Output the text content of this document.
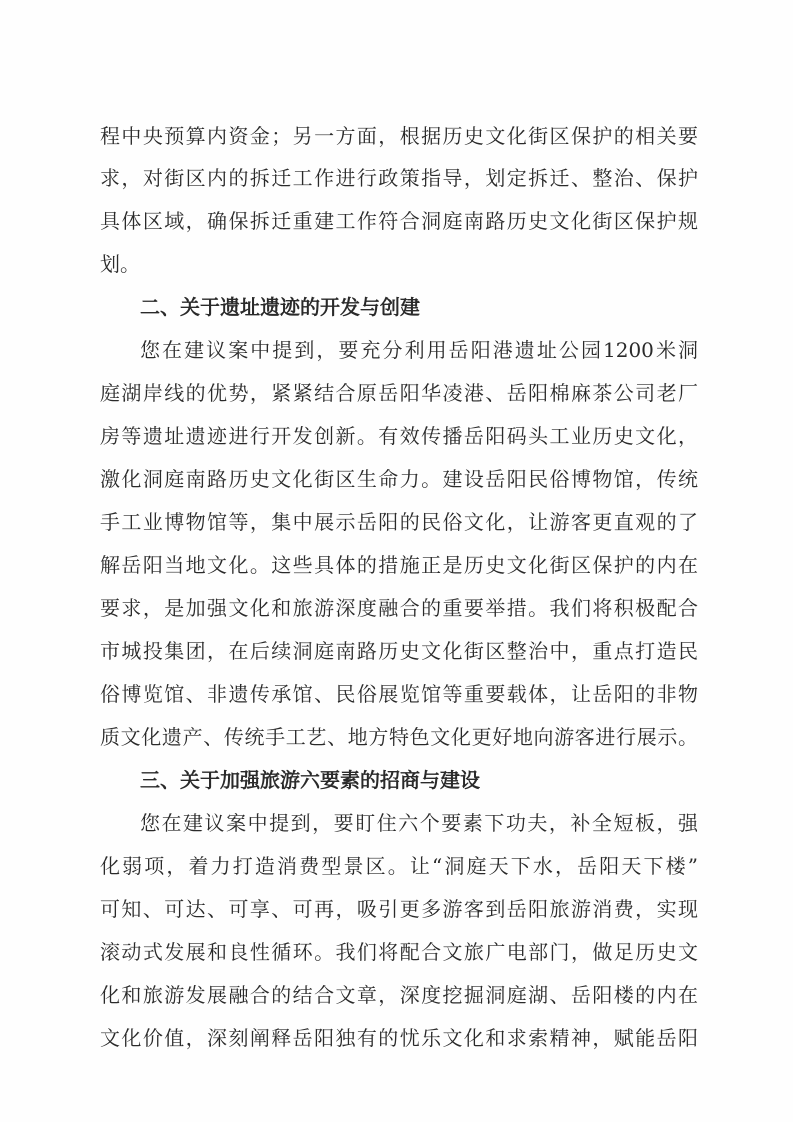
程中央预算内资金；另一方面，根据历史文化街区保护的相关要
求，对街区内的拆迁工作进行政策指导，划定拆迁、整治、保护
具体区域，确保拆迁重建工作符合洞庭南路历史文化街区保护规
划。
二、关于遗址遗迹的开发与创建
您在建议案中提到，要充分利用岳阳港遗址公园1200米洞
庭湖岸线的优势，紧紧结合原岳阳华凌港、岳阳棉麻茶公司老厂
房等遗址遗迹进行开发创新。有效传播岳阳码头工业历史文化，
激化洞庭南路历史文化街区生命力。建设岳阳民俗博物馆，传统
手工业博物馆等，集中展示岳阳的民俗文化，让游客更直观的了
解岳阳当地文化。这些具体的措施正是历史文化街区保护的内在
要求，是加强文化和旅游深度融合的重要举措。我们将积极配合
市城投集团，在后续洞庭南路历史文化街区整治中，重点打造民
俗博览馆、非遗传承馆、民俗展览馆等重要载体，让岳阳的非物
质文化遗产、传统手工艺、地方特色文化更好地向游客进行展示。
三、关于加强旅游六要素的招商与建设
您在建议案中提到，要盯住六个要素下功夫，补全短板，强
化弱项，着力打造消费型景区。让“洞庭天下水，岳阳天下楼”
可知、可达、可享、可再，吸引更多游客到岳阳旅游消费，实现
滚动式发展和良性循环。我们将配合文旅广电部门，做足历史文
化和旅游发展融合的结合文章，深度挖掘洞庭湖、岳阳楼的内在
文化价值，深刻阐释岳阳独有的忧乐文化和求索精神，赋能岳阳
